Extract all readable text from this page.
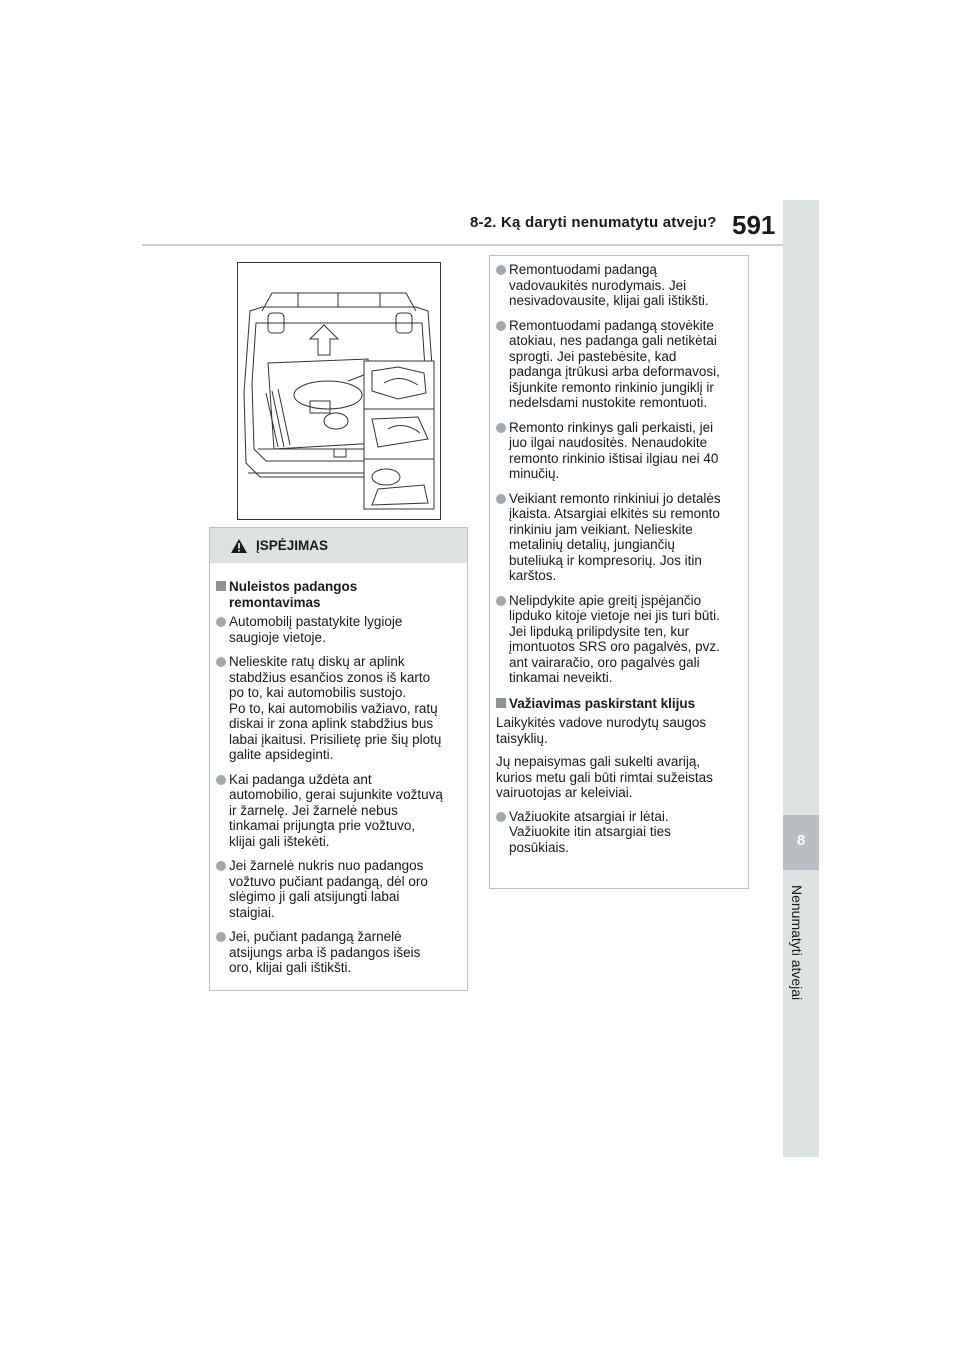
8-2. Ką daryti nenumatytu atveju? 591
8
Nenumatyti atvejai
ĮSPĖJIMAS
Nuleistos padangos
remontavimas
Automobilį pastatykite lygioje
saugioje vietoje.
Nelieskite ratų diskų ar aplink
stabdžius esančios zonos iš karto
po to, kai automobilis sustojo.
Po to, kai automobilis važiavo, ratų
diskai ir zona aplink stabdžius bus
labai įkaitusi. Prisilietę prie šių plotų
galite apsideginti.
Kai padanga uždėta ant
automobilio, gerai sujunkite vožtuvą
ir žarnelę. Jei žarnelė nebus
tinkamai prijungta prie vožtuvo,
klijai gali ištekėti.
Jei žarnelė nukris nuo padangos
vožtuvo pučiant padangą, dėl oro
slėgimo ji gali atsijungti labai
staigiai.
Jei, pučiant padangą žarnelė
atsijungs arba iš padangos išeis
oro, klijai gali ištikšti.
Remontuodami padangą
vadovaukitės nurodymais. Jei
nesivadovausite, klijai gali ištikšti.
Remontuodami padangą stovėkite
atokiau, nes padanga gali netikėtai
sprogti. Jei pastebėsite, kad
padanga įtrūkusi arba deformavosi,
išjunkite remonto rinkinio jungiklį ir
nedelsdami nustokite remontuoti.
Remonto rinkinys gali perkaisti, jei
juo ilgai naudositės. Nenaudokite
remonto rinkinio ištisai ilgiau nei 40
minučių.
Veikiant remonto rinkiniui jo detalės
įkaista. Atsargiai elkitės su remonto
rinkiniu jam veikiant. Nelieskite
metalinių detalių, jungiančių
buteliuką ir kompresorių. Jos itin
karštos.
Nelipdykite apie greitį įspėjančio
lipduko kitoje vietoje nei jis turi būti.
Jei lipduką prilipdysite ten, kur
įmontuotos SRS oro pagalvės, pvz.
ant vairaračio, oro pagalvės gali
tinkamai neveikti.
Važiavimas paskirstant klijus

Laikykitės vadove nurodytų saugos
taisyklių.

Jų nepaisymas gali sukelti avariją,
kurios metu gali būti rimtai sužeistas
vairuotojas ar keleiviai.

Važiuokite atsargiai ir lėtai.
Važiuokite itin atsargiai ties
posūkiais.
